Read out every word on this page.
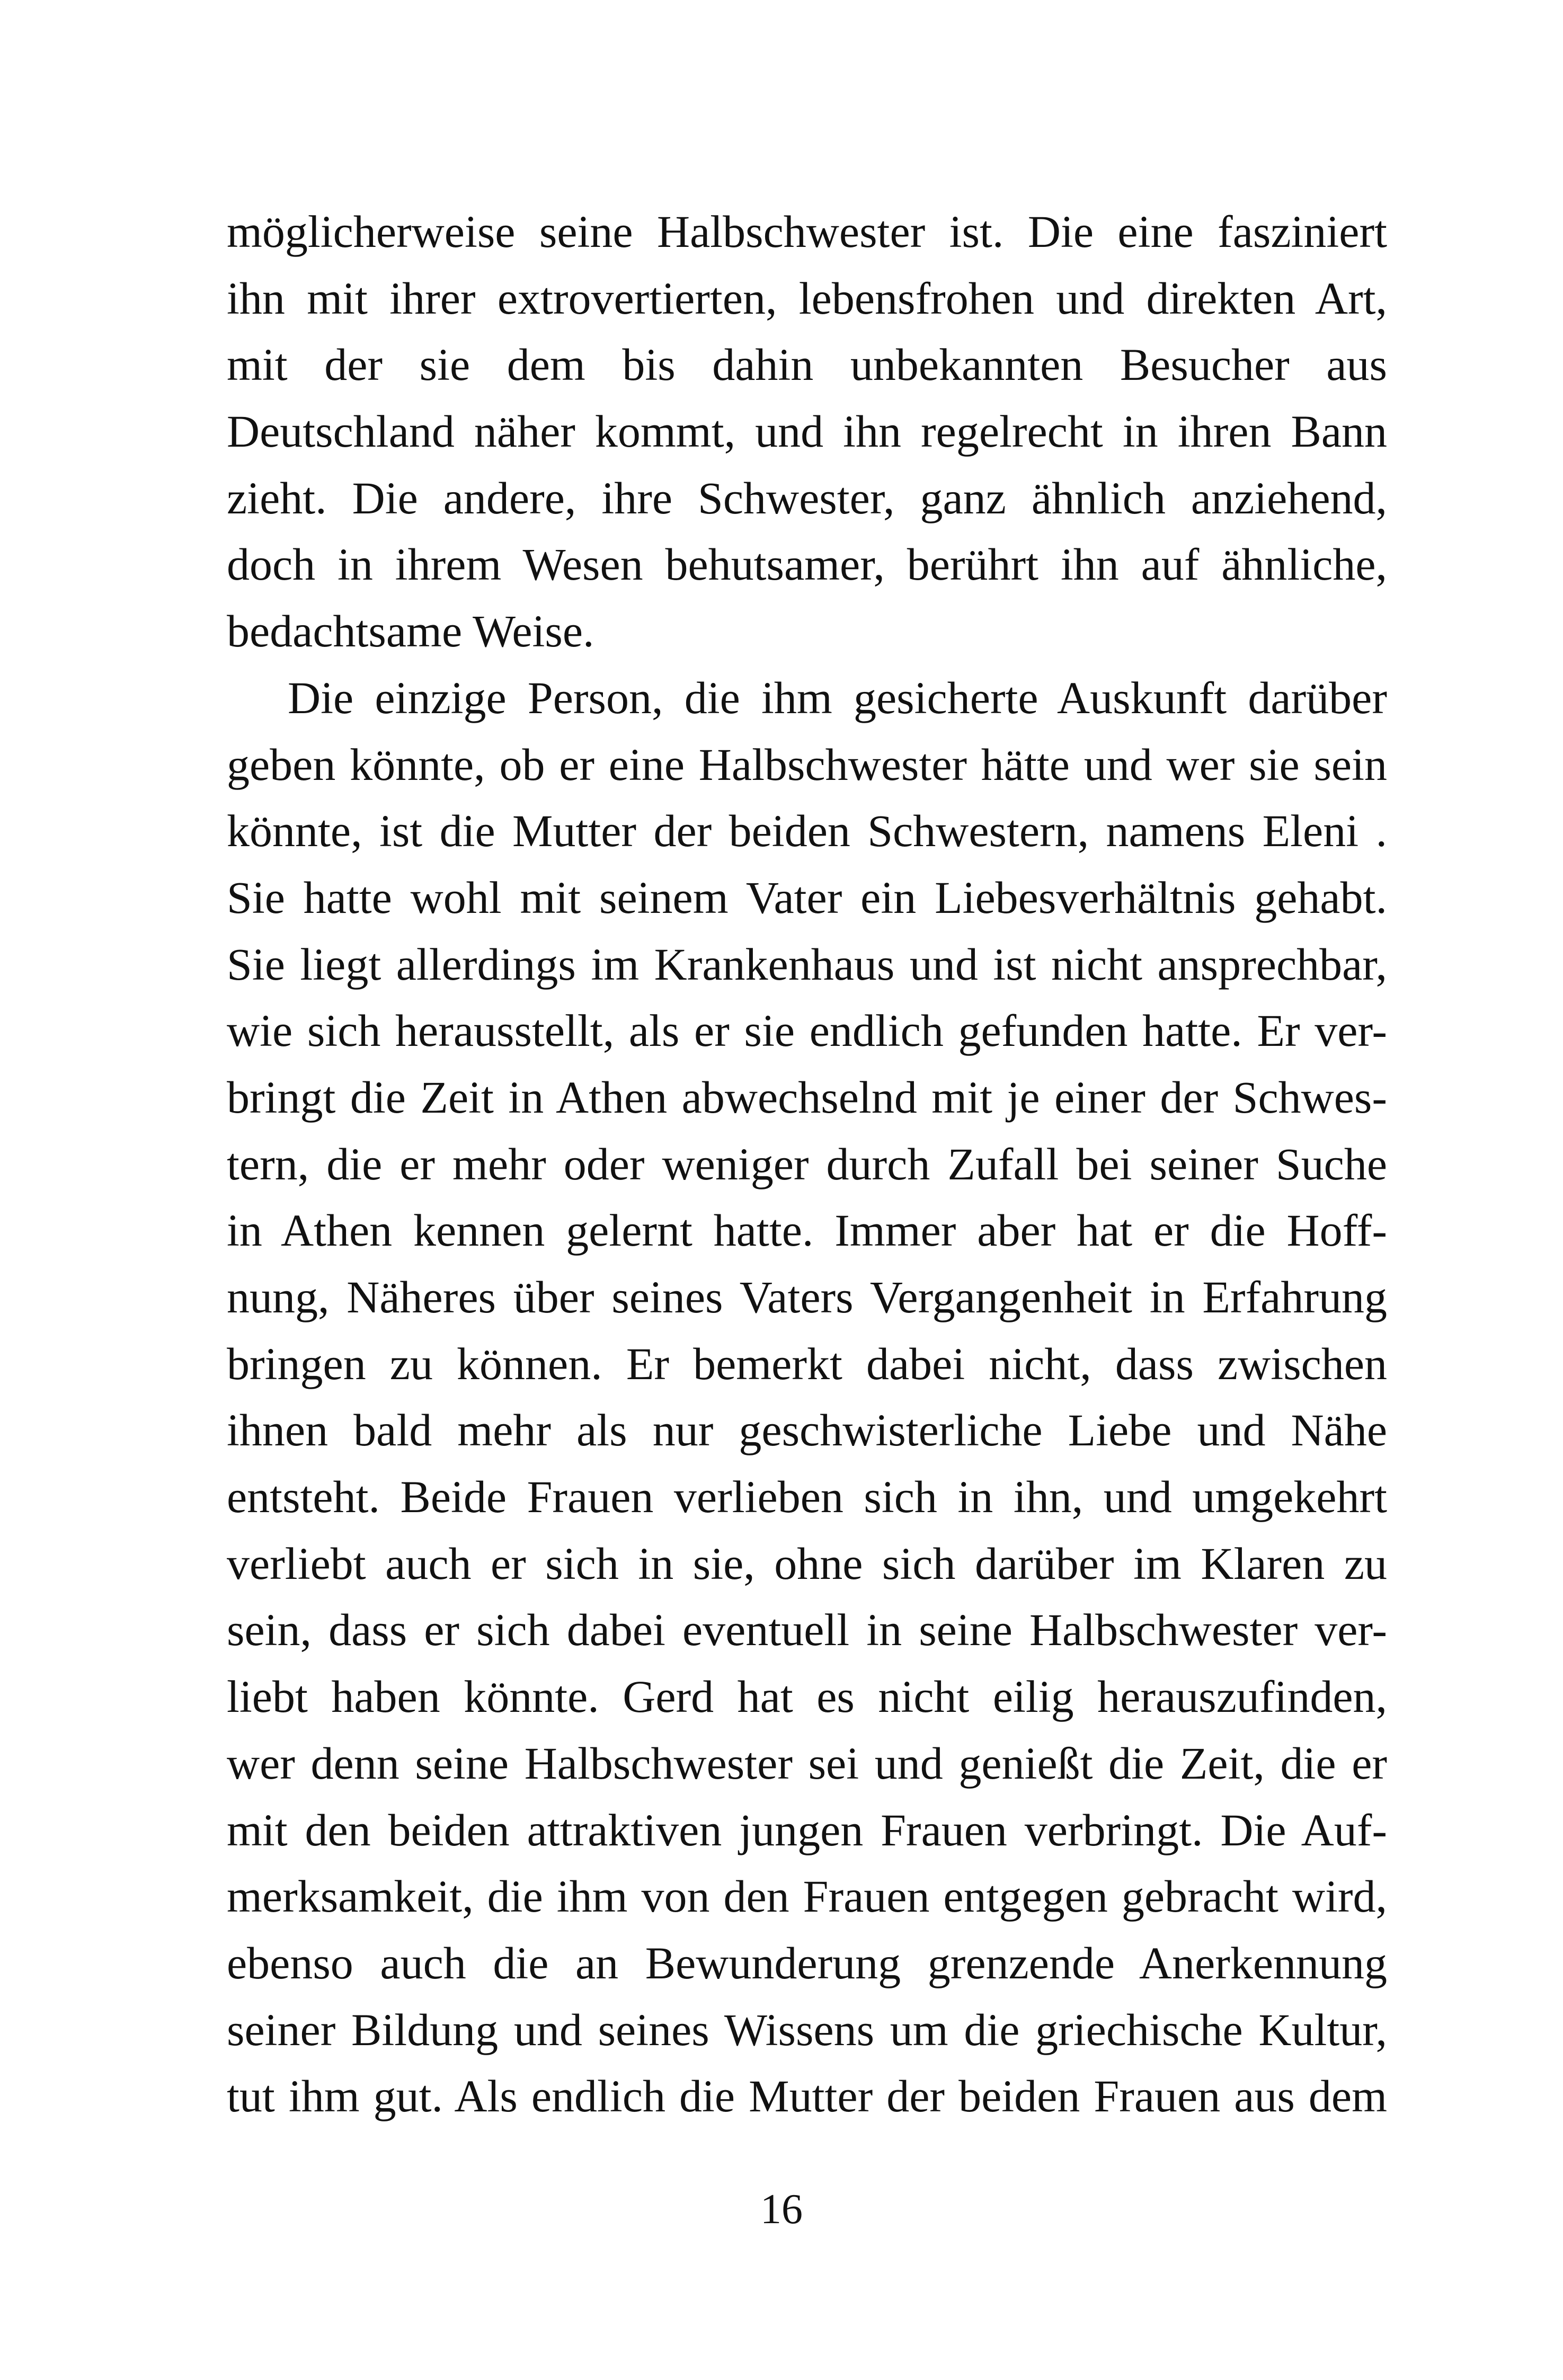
möglicherweise seine Halbschwester ist. Die eine fasziniert
ihn mit ihrer extrovertierten, lebensfrohen und direkten Art,
mit der sie dem bis dahin unbekannten Besucher aus
Deutschland näher kommt, und ihn regelrecht in ihren Bann
zieht. Die andere, ihre Schwester, ganz ähnlich anziehend,
doch in ihrem Wesen behutsamer, berührt ihn auf ähnliche,
bedachtsame Weise.
Die einzige Person, die ihm gesicherte Auskunft darüber
geben könnte, ob er eine Halbschwester hätte und wer sie sein
könnte, ist die Mutter der beiden Schwestern, namens Eleni .
Sie hatte wohl mit seinem Vater ein Liebesverhältnis gehabt.
Sie liegt allerdings im Krankenhaus und ist nicht ansprechbar,
wie sich herausstellt, als er sie endlich gefunden hatte. Er ver-
bringt die Zeit in Athen abwechselnd mit je einer der Schwes-
tern, die er mehr oder weniger durch Zufall bei seiner Suche
in Athen kennen gelernt hatte. Immer aber hat er die Hoff-
nung, Näheres über seines Vaters Vergangenheit in Erfahrung
bringen zu können. Er bemerkt dabei nicht, dass zwischen
ihnen bald mehr als nur geschwisterliche Liebe und Nähe
entsteht. Beide Frauen verlieben sich in ihn, und umgekehrt
verliebt auch er sich in sie, ohne sich darüber im Klaren zu
sein, dass er sich dabei eventuell in seine Halbschwester ver-
liebt haben könnte. Gerd hat es nicht eilig herauszufinden,
wer denn seine Halbschwester sei und genießt die Zeit, die er
mit den beiden attraktiven jungen Frauen verbringt. Die Auf-
merksamkeit, die ihm von den Frauen entgegen gebracht wird,
ebenso auch die an Bewunderung grenzende Anerkennung
seiner Bildung und seines Wissens um die griechische Kultur,
tut ihm gut. Als endlich die Mutter der beiden Frauen aus dem
16
